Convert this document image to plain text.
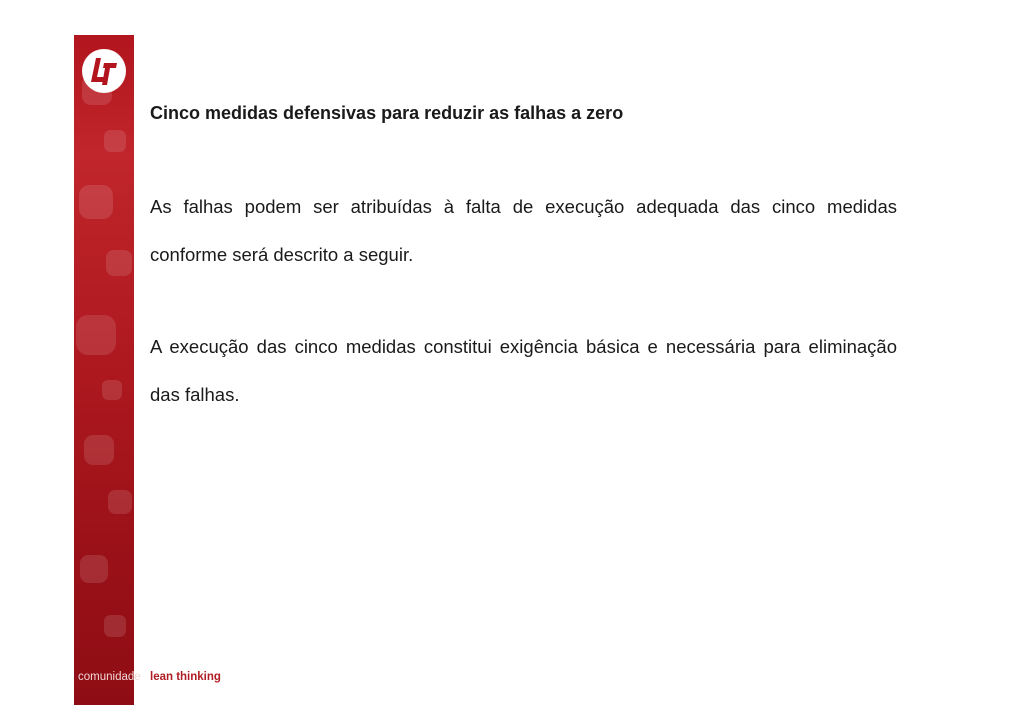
Cinco medidas defensivas para reduzir as falhas a zero
As falhas podem ser atribuídas à falta de execução adequada das cinco medidas conforme será descrito a seguir.
A execução das cinco medidas constitui exigência básica e necessária para eliminação das falhas.
comunidade lean thinking
